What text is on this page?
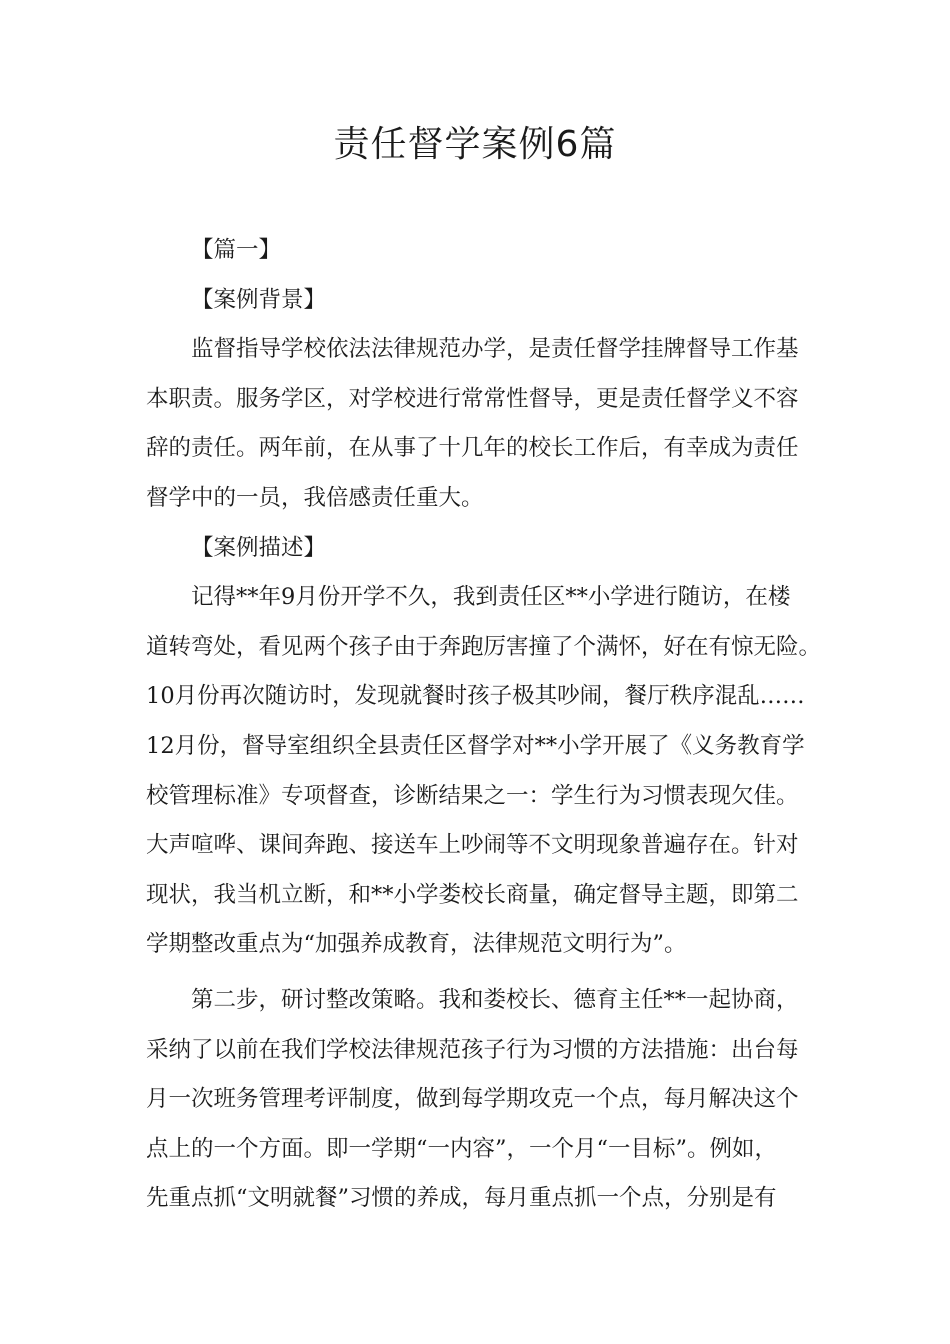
责任督学案例6篇

【篇一】

【案例背景】

监督指导学校依法法律规范办学，是责任督学挂牌督导工作基
本职责。服务学区，对学校进行常常性督导，更是责任督学义不容
辞的责任。两年前，在从事了十几年的校长工作后，有幸成为责任
督学中的一员，我倍感责任重大。

【案例描述】

记得**年9月份开学不久，我到责任区**小学进行随访，在楼
道转弯处，看见两个孩子由于奔跑厉害撞了个满怀，好在有惊无险。
10月份再次随访时，发现就餐时孩子极其吵闹，餐厅秩序混乱……
12月份，督导室组织全县责任区督学对**小学开展了《义务教育学
校管理标准》专项督查，诊断结果之一：学生行为习惯表现欠佳。
大声喧哗、课间奔跑、接送车上吵闹等不文明现象普遍存在。针对
现状，我当机立断，和**小学娄校长商量，确定督导主题，即第二
学期整改重点为“加强养成教育，法律规范文明行为”。

第二步，研讨整改策略。我和娄校长、德育主任**一起协商，
采纳了以前在我们学校法律规范孩子行为习惯的方法措施：出台每
月一次班务管理考评制度，做到每学期攻克一个点，每月解决这个
点上的一个方面。即一学期“一内容”，一个月“一目标”。例如，
先重点抓“文明就餐”习惯的养成，每月重点抓一个点，分别是有
